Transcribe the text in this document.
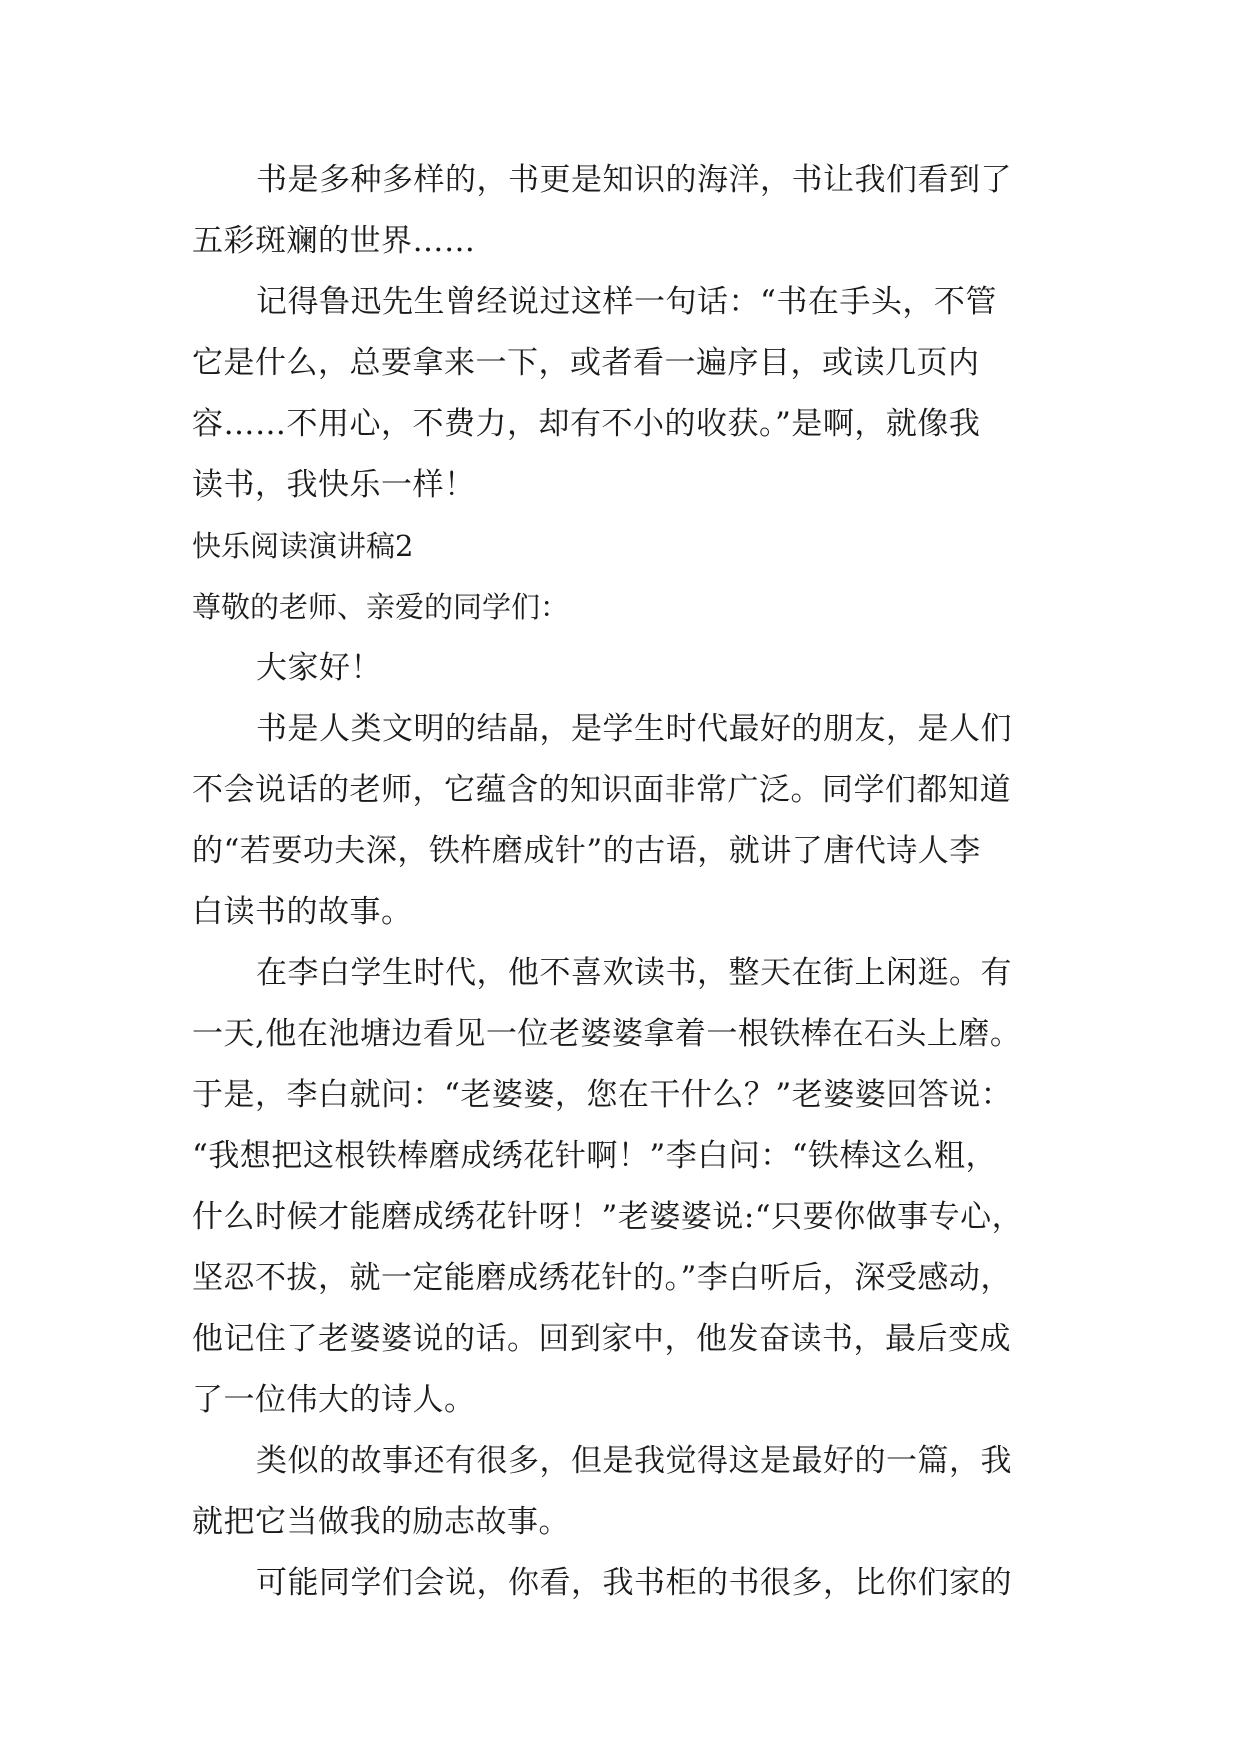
书是多种多样的，书更是知识的海洋，书让我们看到了
五彩斑斓的世界……
记得鲁迅先生曾经说过这样一句话：“书在手头，不管
它是什么，总要拿来一下，或者看一遍序目，或读几页内
容……不用心，不费力，却有不小的收获。”是啊，就像我
读书，我快乐一样！
快乐阅读演讲稿2
尊敬的老师、亲爱的同学们：
大家好！
书是人类文明的结晶，是学生时代最好的朋友，是人们
不会说话的老师，它蕴含的知识面非常广泛。同学们都知道
的“若要功夫深，铁杵磨成针”的古语，就讲了唐代诗人李
白读书的故事。
在李白学生时代，他不喜欢读书，整天在街上闲逛。有
一天,他在池塘边看见一位老婆婆拿着一根铁棒在石头上磨。
于是，李白就问：“老婆婆，您在干什么？”老婆婆回答说：
“我想把这根铁棒磨成绣花针啊！”李白问：“铁棒这么粗，
什么时候才能磨成绣花针呀！”老婆婆说:“只要你做事专心，
坚忍不拔，就一定能磨成绣花针的。”李白听后，深受感动，
他记住了老婆婆说的话。回到家中，他发奋读书，最后变成
了一位伟大的诗人。
类似的故事还有很多，但是我觉得这是最好的一篇，我
就把它当做我的励志故事。
可能同学们会说，你看，我书柜的书很多，比你们家的
